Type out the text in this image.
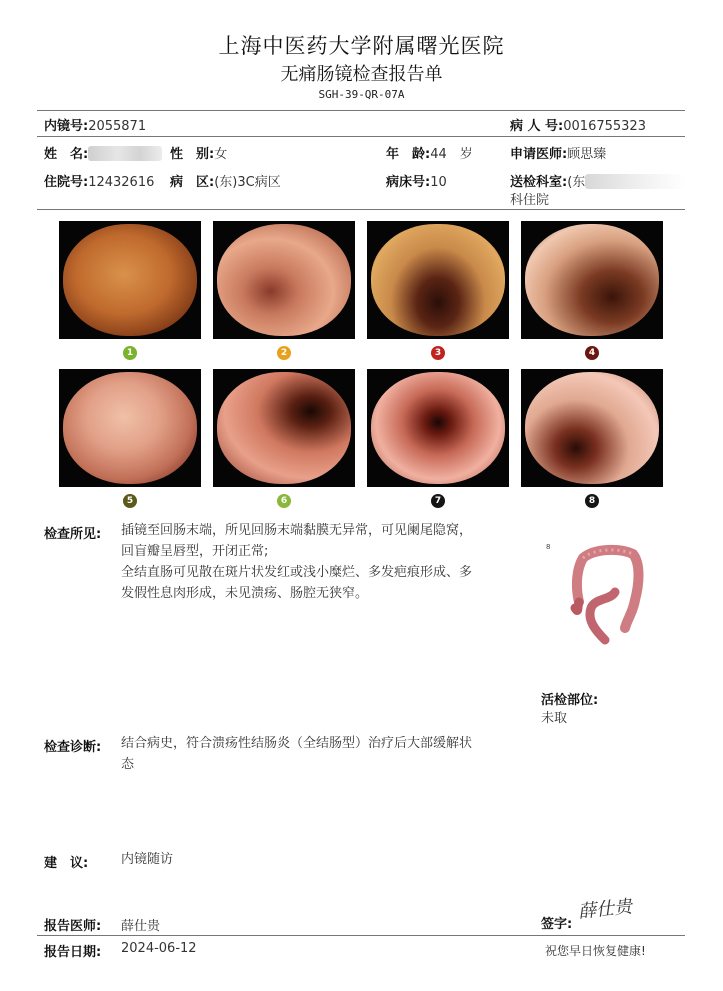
上海中医药大学附属曙光医院
无痛肠镜检查报告单
SGH-39-QR-07A
内镜号:2055871	病 人 号:0016755323
姓　名:	性　别:女	年　龄:44　岁	申请医师:顾思臻
住院号:12432616 病　区:(东)3C病区	病床号:10	送检科室:(东
科住院
1	2	3	4
5	6	7	8
检查所见: 插镜至回肠末端，所见回肠末端黏膜无异常，可见阑尾隐窝，
回盲瓣呈唇型，开闭正常;
全结直肠可见散在斑片状发红或浅小糜烂、多发疤痕形成、多
发假性息肉形成，未见溃疡、肠腔无狭窄。
8
活检部位:
未取
检查诊断: 结合病史，符合溃疡性结肠炎（全结肠型）治疗后大部缓解状
态
建　议:	内镜随访
报告医师: 薛仕贵	签字:
薛仕贵
报告日期: 2024-06-12	祝您早日恢复健康!
